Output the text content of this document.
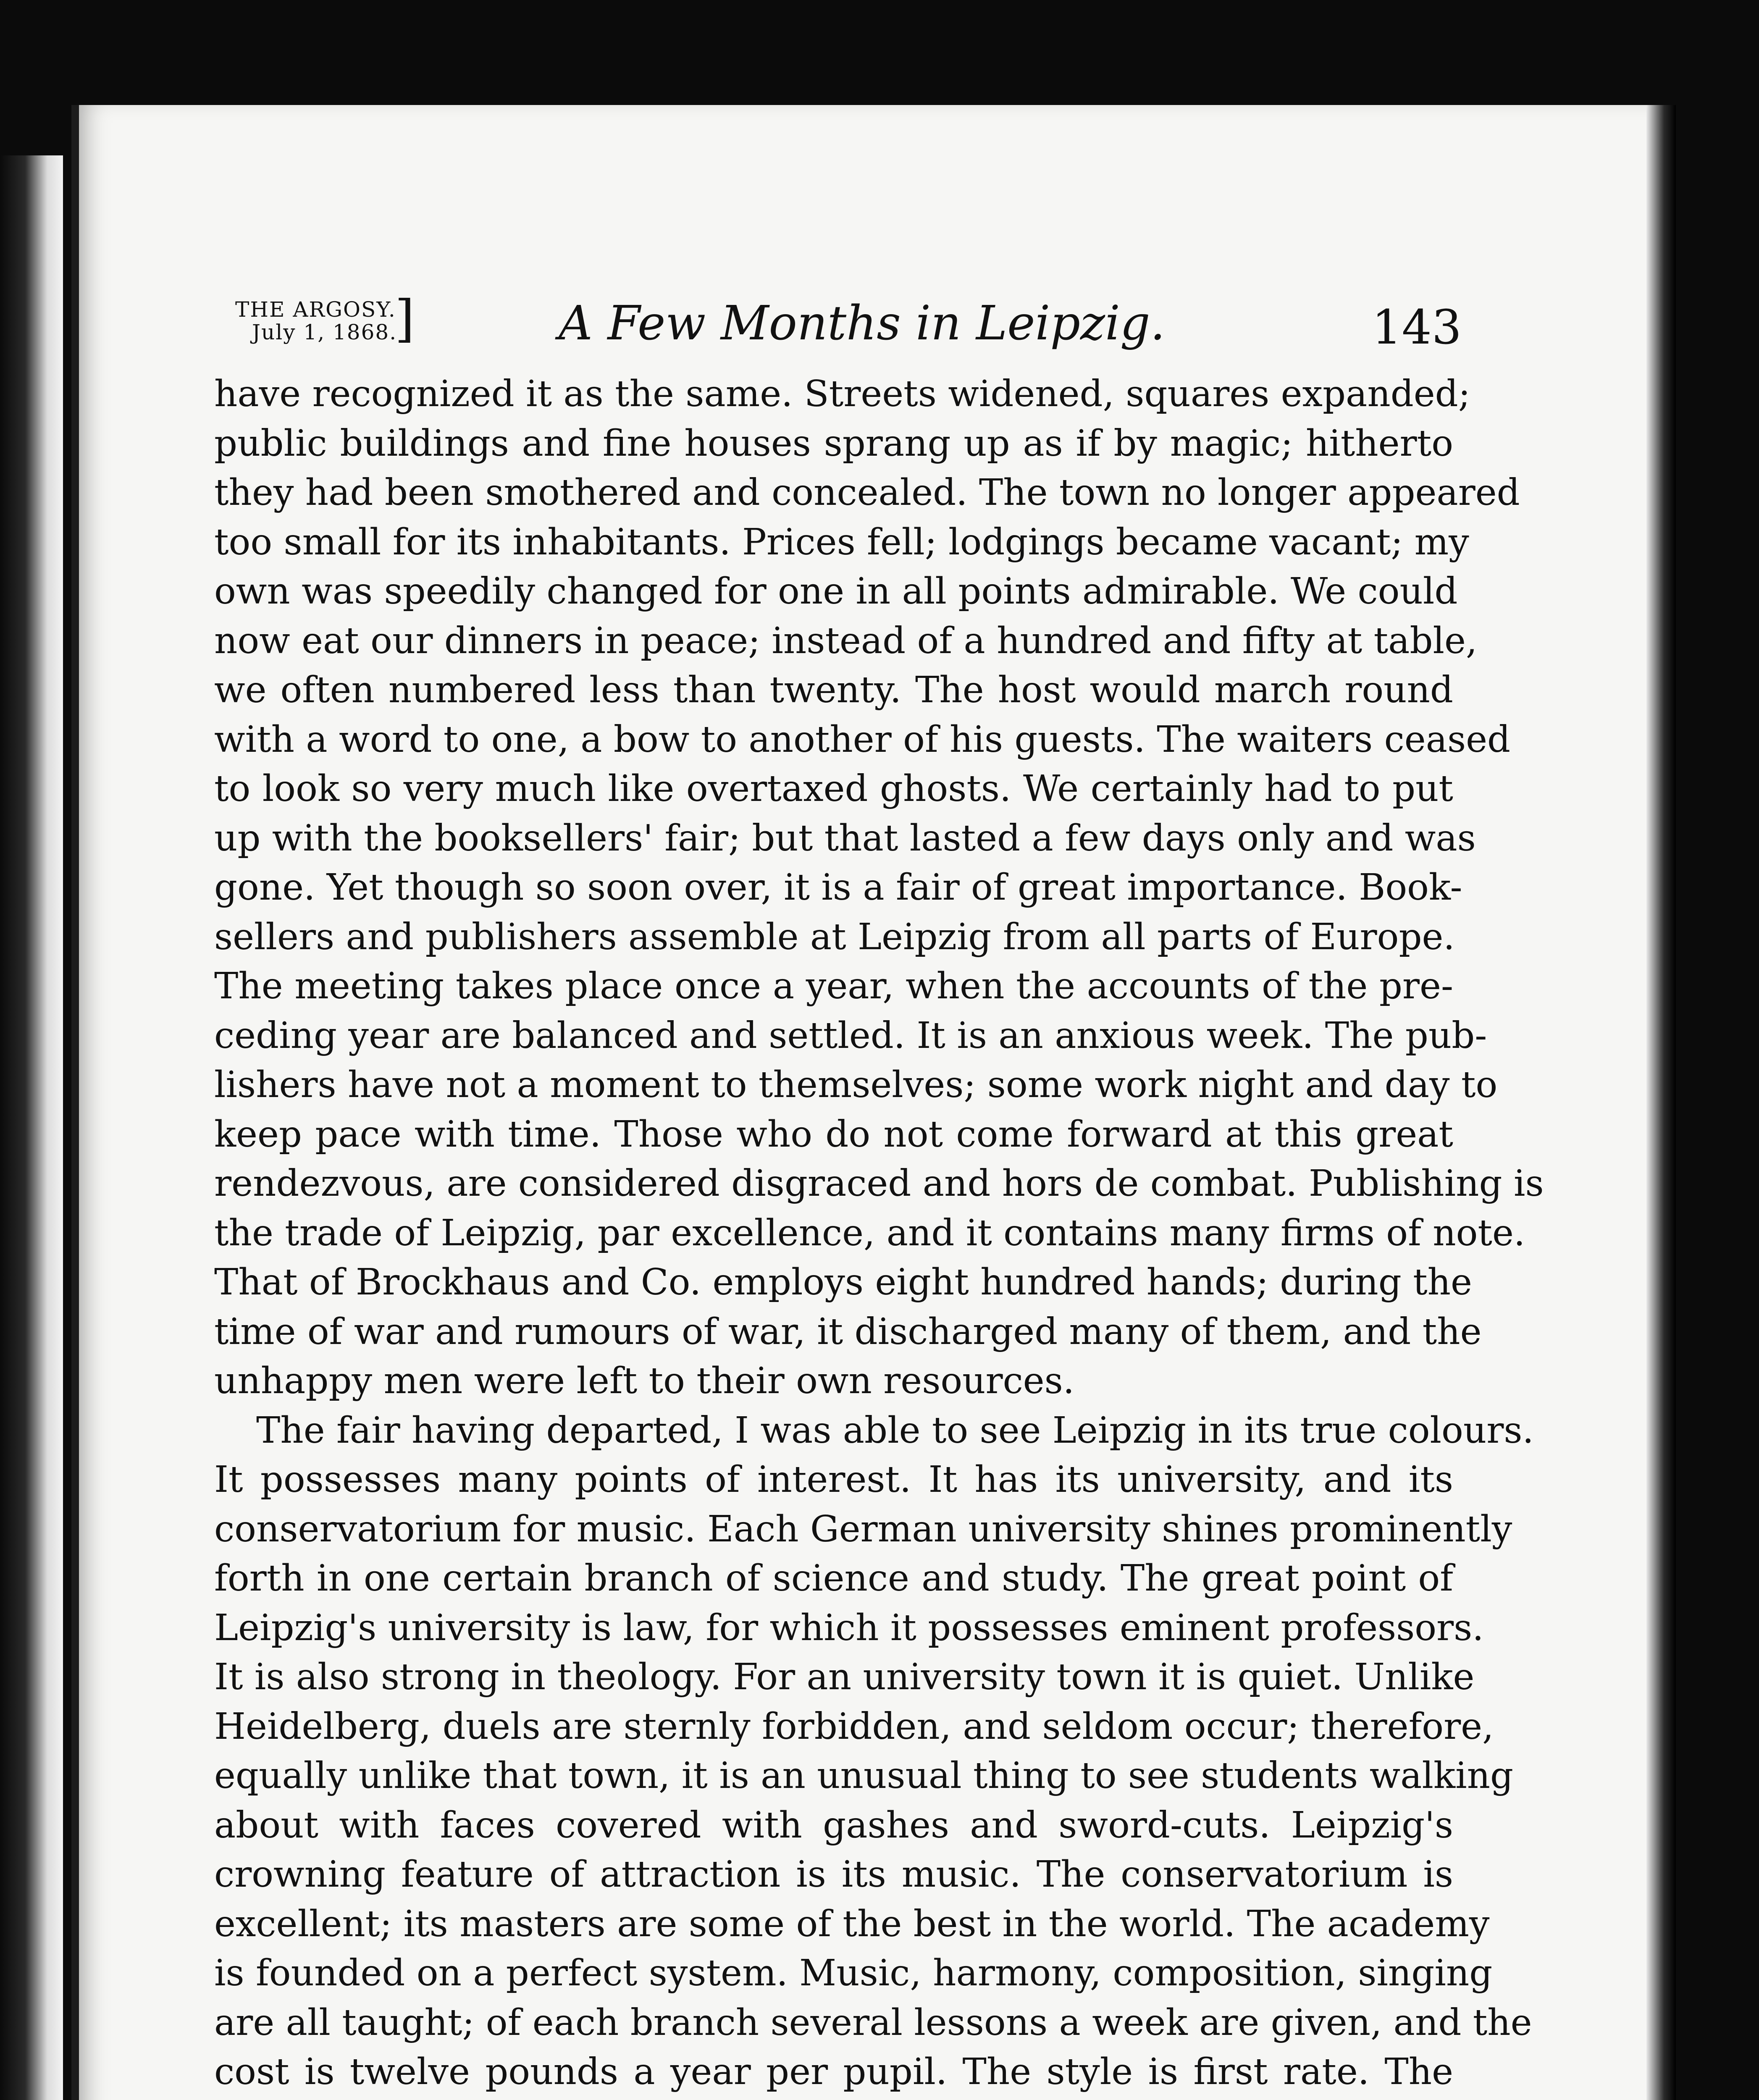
THE ARGOSY.
July 1, 1868.
]	A Few Months in Leipzig.	143
have recognized it as the same. Streets widened, squares expanded;
public buildings and fine houses sprang up as if by magic; hitherto
they had been smothered and concealed. The town no longer appeared
too small for its inhabitants. Prices fell; lodgings became vacant; my
own was speedily changed for one in all points admirable. We could
now eat our dinners in peace; instead of a hundred and fifty at table,
we often numbered less than twenty. The host would march round
with a word to one, a bow to another of his guests. The waiters ceased
to look so very much like overtaxed ghosts. We certainly had to put
up with the booksellers' fair; but that lasted a few days only and was
gone. Yet though so soon over, it is a fair of great importance. Book-
sellers and publishers assemble at Leipzig from all parts of Europe.
The meeting takes place once a year, when the accounts of the pre-
ceding year are balanced and settled. It is an anxious week. The pub-
lishers have not a moment to themselves; some work night and day to
keep pace with time. Those who do not come forward at this great
rendezvous, are considered disgraced and hors de combat. Publishing is
the trade of Leipzig, par excellence, and it contains many firms of note.
That of Brockhaus and Co. employs eight hundred hands; during the
time of war and rumours of war, it discharged many of them, and the
unhappy men were left to their own resources.
The fair having departed, I was able to see Leipzig in its true colours.
It possesses many points of interest. It has its university, and its
conservatorium for music. Each German university shines prominently
forth in one certain branch of science and study. The great point of
Leipzig's university is law, for which it possesses eminent professors.
It is also strong in theology. For an university town it is quiet. Unlike
Heidelberg, duels are sternly forbidden, and seldom occur; therefore,
equally unlike that town, it is an unusual thing to see students walking
about with faces covered with gashes and sword-cuts. Leipzig's
crowning feature of attraction is its music. The conservatorium is
excellent; its masters are some of the best in the world. The academy
is founded on a perfect system. Music, harmony, composition, singing
are all taught; of each branch several lessons a week are given, and the
cost is twelve pounds a year per pupil. The style is first rate. The
